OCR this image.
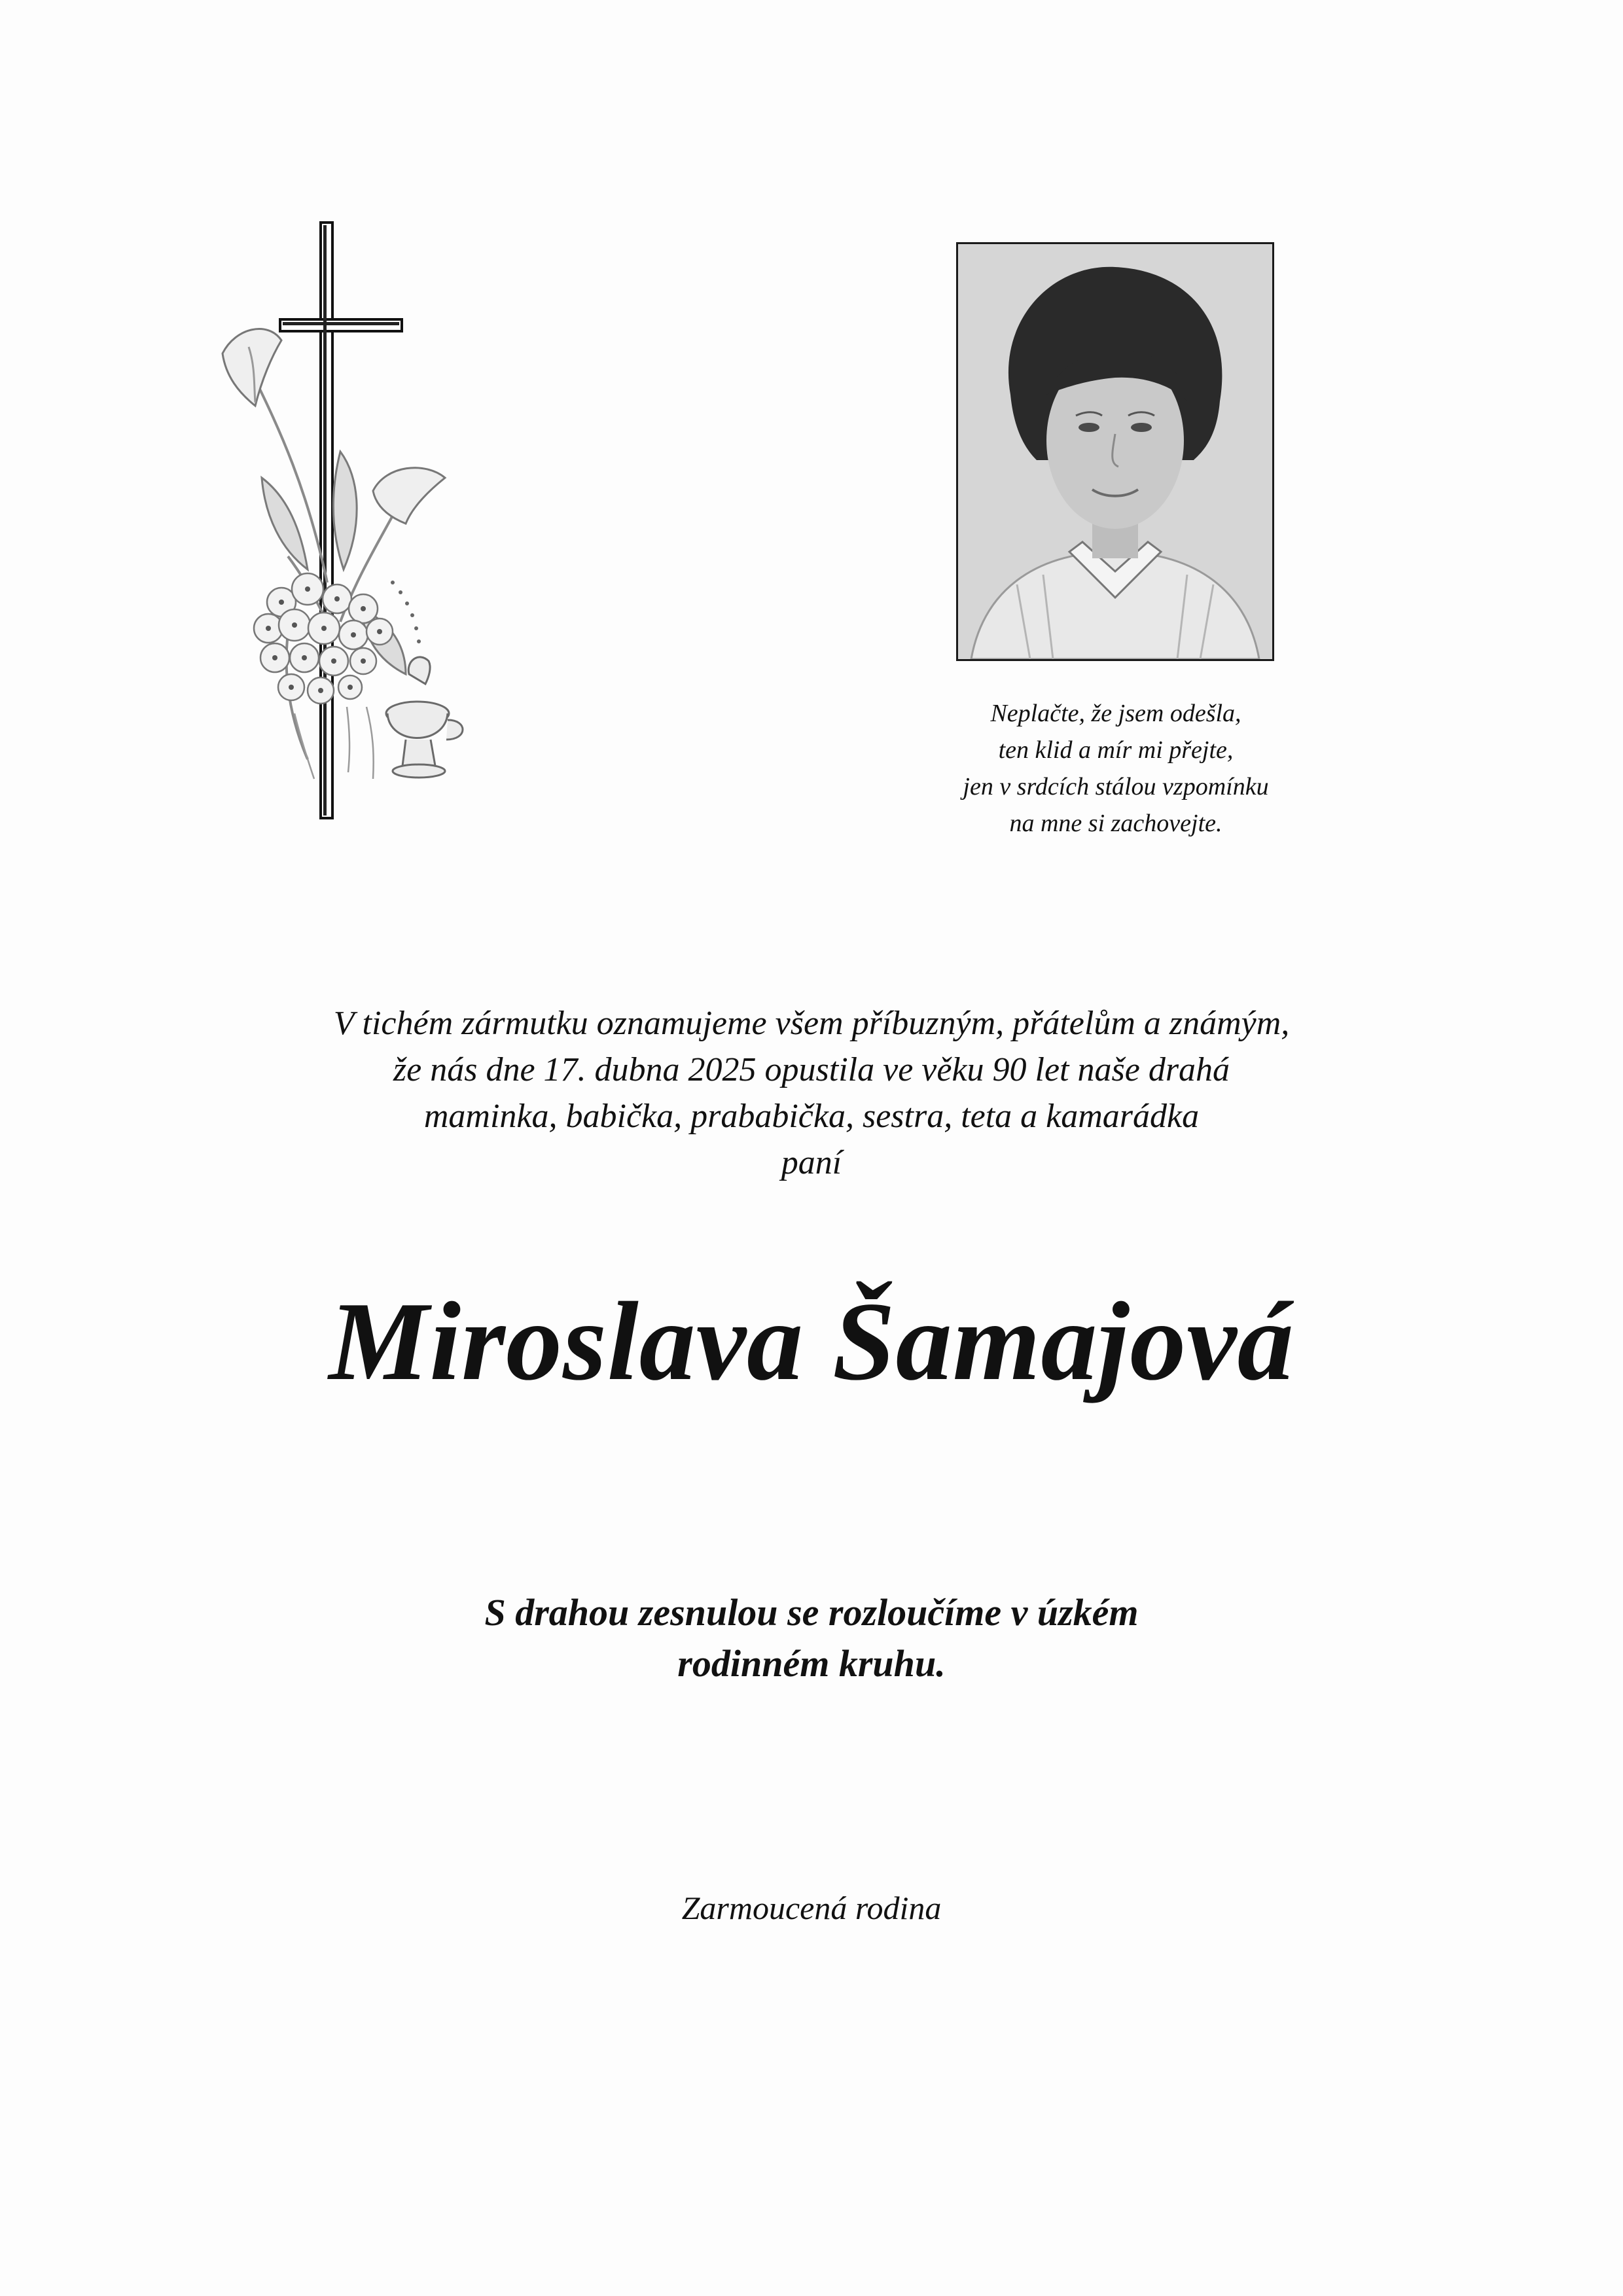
Neplačte, že jsem odešla,
ten klid a mír mi přejte,
jen v srdcích stálou vzpomínku
na mne si zachovejte.
V tichém zármutku oznamujeme všem příbuzným, přátelům a známým,
že nás dne 17. dubna 2025 opustila ve věku 90 let naše drahá
maminka, babička, prababička, sestra, teta a kamarádka
paní
Miroslava Šamajová
S drahou zesnulou se rozloučíme v úzkém
rodinném kruhu.
Zarmoucená rodina
